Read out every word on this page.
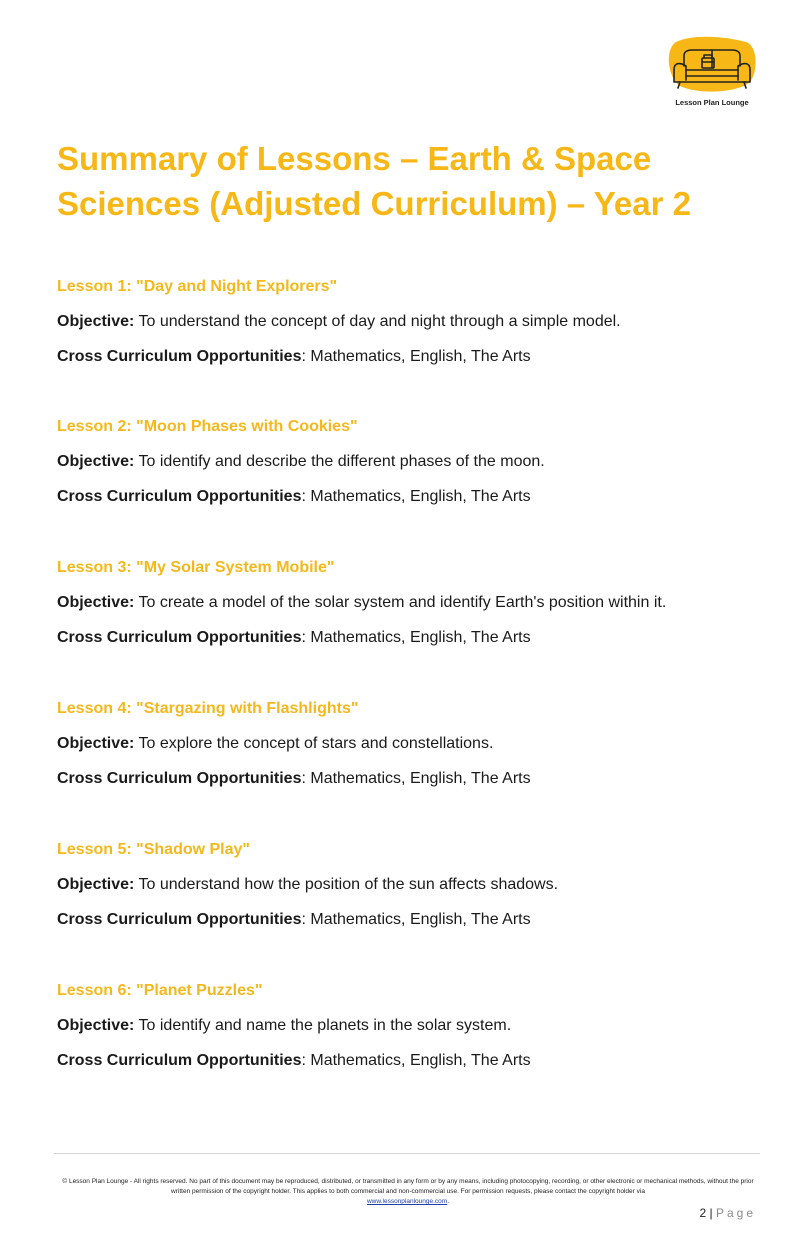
Lesson Plan Lounge
Summary of Lessons – Earth & Space Sciences (Adjusted Curriculum) – Year 2
Lesson 1: "Day and Night Explorers"

Objective: To understand the concept of day and night through a simple model.

Cross Curriculum Opportunities: Mathematics, English, The Arts

Lesson 2: "Moon Phases with Cookies"

Objective: To identify and describe the different phases of the moon.

Cross Curriculum Opportunities: Mathematics, English, The Arts

Lesson 3: "My Solar System Mobile"

Objective: To create a model of the solar system and identify Earth's position within it.

Cross Curriculum Opportunities: Mathematics, English, The Arts

Lesson 4: "Stargazing with Flashlights"

Objective: To explore the concept of stars and constellations.

Cross Curriculum Opportunities: Mathematics, English, The Arts

Lesson 5: "Shadow Play"

Objective: To understand how the position of the sun affects shadows.

Cross Curriculum Opportunities: Mathematics, English, The Arts

Lesson 6: "Planet Puzzles"

Objective: To identify and name the planets in the solar system.

Cross Curriculum Opportunities: Mathematics, English, The Arts

© Lesson Plan Lounge - All rights reserved. No part of this document may be reproduced, distributed, or transmitted in any form or by any means, including photocopying, recording, or other electronic or mechanical methods, without the prior written permission of the copyright holder. This applies to both commercial and non-commercial use. For permission requests, please contact the copyright holder via
www.lessonplanlounge.com.
2 | Page
